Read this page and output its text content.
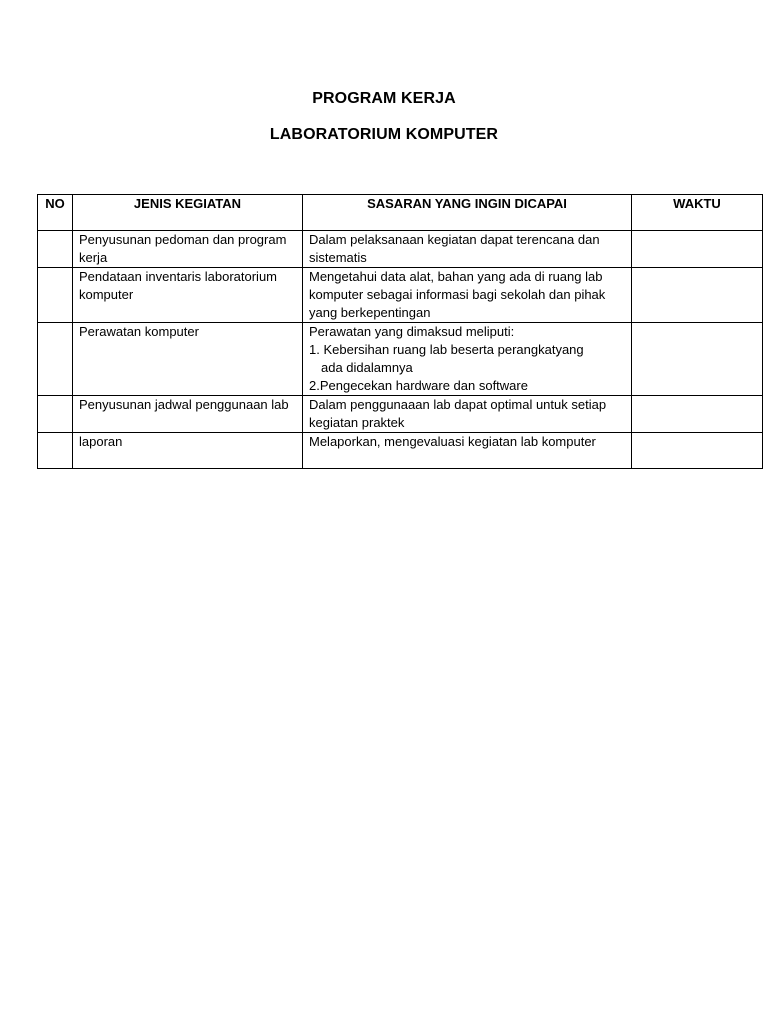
PROGRAM KERJA
LABORATORIUM KOMPUTER
NO	JENIS KEGIATAN	SASARAN YANG INGIN DICAPAI	WAKTU
	Penyusunan pedoman dan program kerja	Dalam pelaksanaan kegiatan dapat terencana dan sistematis	
	Pendataan inventaris laboratorium komputer	Mengetahui data alat, bahan yang ada di ruang lab komputer sebagai informasi bagi sekolah dan pihak yang berkepentingan	
	Perawatan komputer	Perawatan yang dimaksud meliputi:
1. Kebersihan ruang lab beserta perangkatyang
ada didalamnya
2.Pengecekan hardware dan software	

	Penyusunan jadwal penggunaan lab	Dalam penggunaaan lab dapat optimal untuk setiap kegiatan praktek	
	laporan	Melaporkan, mengevaluasi kegiatan lab komputer	
